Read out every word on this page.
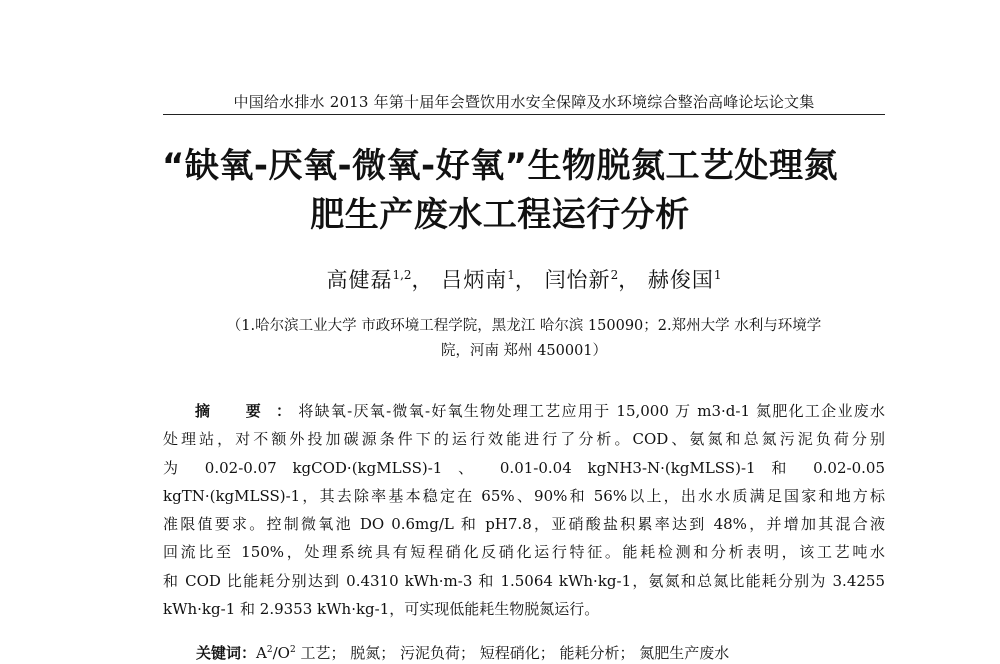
中国给水排水 2013 年第十届年会暨饮用水安全保障及水环境综合整治高峰论坛论文集
“缺氧-厌氧-微氧-好氧”生物脱氮工艺处理氮
肥生产废水工程运行分析
高健磊$^{1,2}$， 吕炳南$^1$， 闫怡新$^2$， 赫俊国$^1$
（1.哈尔滨工业大学 市政环境工程学院，黑龙江 哈尔滨 150090；2.郑州大学 水利与环境学
院，河南 郑州 450001）
摘 要：将缺氧-厌氧-微氧-好氧生物处理工艺应用于 15,000 万 m3·d-1 氮肥化工企业废水
处理站，对不额外投加碳源条件下的运行效能进行了分析。COD、氨氮和总氮污泥负荷分别
为 0.02-0.07 kgCOD·(kgMLSS)-1 、 0.01-0.04 kgNH3-N·(kgMLSS)-1 和 0.02-0.05
kgTN·(kgMLSS)-1，其去除率基本稳定在 65%、90%和 56%以上，出水水质满足国家和地方标
准限值要求。控制微氧池 DO 0.6mg/L 和 pH7.8，亚硝酸盐积累率达到 48%，并增加其混合液
回流比至 150%，处理系统具有短程硝化反硝化运行特征。能耗检测和分析表明，该工艺吨水
和 COD 比能耗分别达到 0.4310 kWh·m-3 和 1.5064 kWh·kg-1，氨氮和总氮比能耗分别为 3.4255
kWh·kg-1 和 2.9353 kWh·kg-1，可实现低能耗生物脱氮运行。
关键词：$A^2/O^2$ 工艺； 脱氮； 污泥负荷； 短程硝化； 能耗分析； 氮肥生产废水
